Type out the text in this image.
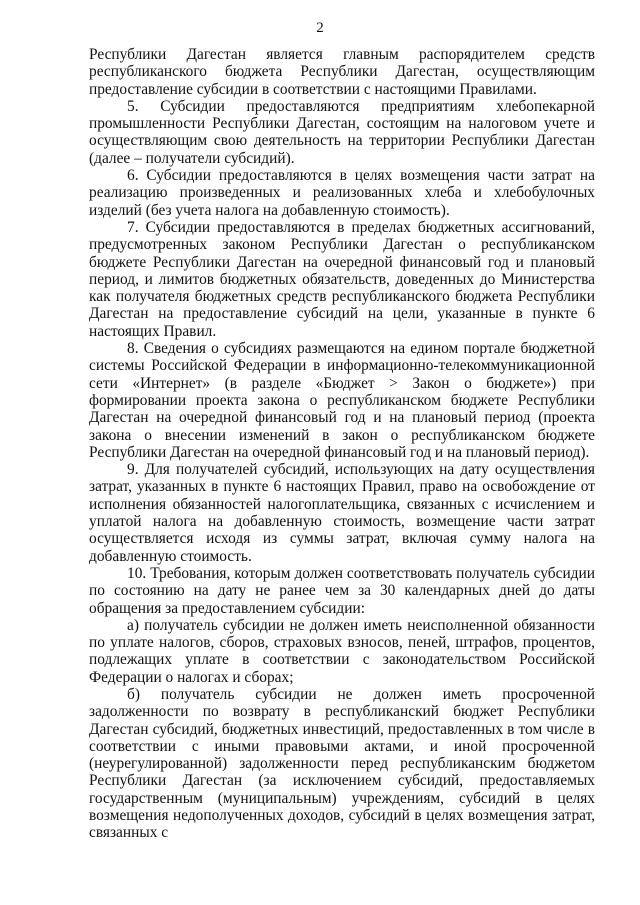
2

Республики Дагестан является главным распорядителем средств республиканского бюджета Республики Дагестан, осуществляющим предоставление субсидии в соответствии с настоящими Правилами.

5. Субсидии предоставляются предприятиям хлебопекарной промышленности Республики Дагестан, состоящим на налоговом учете и осуществляющим свою деятельность на территории Республики Дагестан (далее – получатели субсидий).

6. Субсидии предоставляются в целях возмещения части затрат на реализацию произведенных и реализованных хлеба и хлебобулочных изделий (без учета налога на добавленную стоимость).

7. Субсидии предоставляются в пределах бюджетных ассигнований, предусмотренных законом Республики Дагестан о республиканском бюджете Республики Дагестан на очередной финансовый год и плановый период, и лимитов бюджетных обязательств, доведенных до Министерства как получателя бюджетных средств республиканского бюджета Республики Дагестан на предоставление субсидий на цели, указанные в пункте 6 настоящих Правил.

8. Сведения о субсидиях размещаются на едином портале бюджетной системы Российской Федерации в информационно-телекоммуникационной сети «Интернет» (в разделе «Бюджет > Закон о бюджете») при формировании проекта закона о республиканском бюджете Республики Дагестан на очередной финансовый год и на плановый период (проекта закона о внесении изменений в закон о республиканском бюджете Республики Дагестан на очередной финансовый год и на плановый период).

9. Для получателей субсидий, использующих на дату осуществления затрат, указанных в пункте 6 настоящих Правил, право на освобождение от исполнения обязанностей налогоплательщика, связанных с исчислением и уплатой налога на добавленную стоимость, возмещение части затрат осуществляется исходя из суммы затрат, включая сумму налога на добавленную стоимость.

10. Требования, которым должен соответствовать получатель субсидии по состоянию на дату не ранее чем за 30 календарных дней до даты обращения за предоставлением субсидии:

а) получатель субсидии не должен иметь неисполненной обязанности по уплате налогов, сборов, страховых взносов, пеней, штрафов, процентов, подлежащих уплате в соответствии с законодательством Российской Федерации о налогах и сборах;

б) получатель субсидии не должен иметь просроченной задолженности по возврату в республиканский бюджет Республики Дагестан субсидий, бюджетных инвестиций, предоставленных в том числе в соответствии с иными правовыми актами, и иной просроченной (неурегулированной) задолженности перед республиканским бюджетом Республики Дагестан (за исключением субсидий, предоставляемых государственным (муниципальным) учреждениям, субсидий в целях возмещения недополученных доходов, субсидий в целях возмещения затрат, связанных с
